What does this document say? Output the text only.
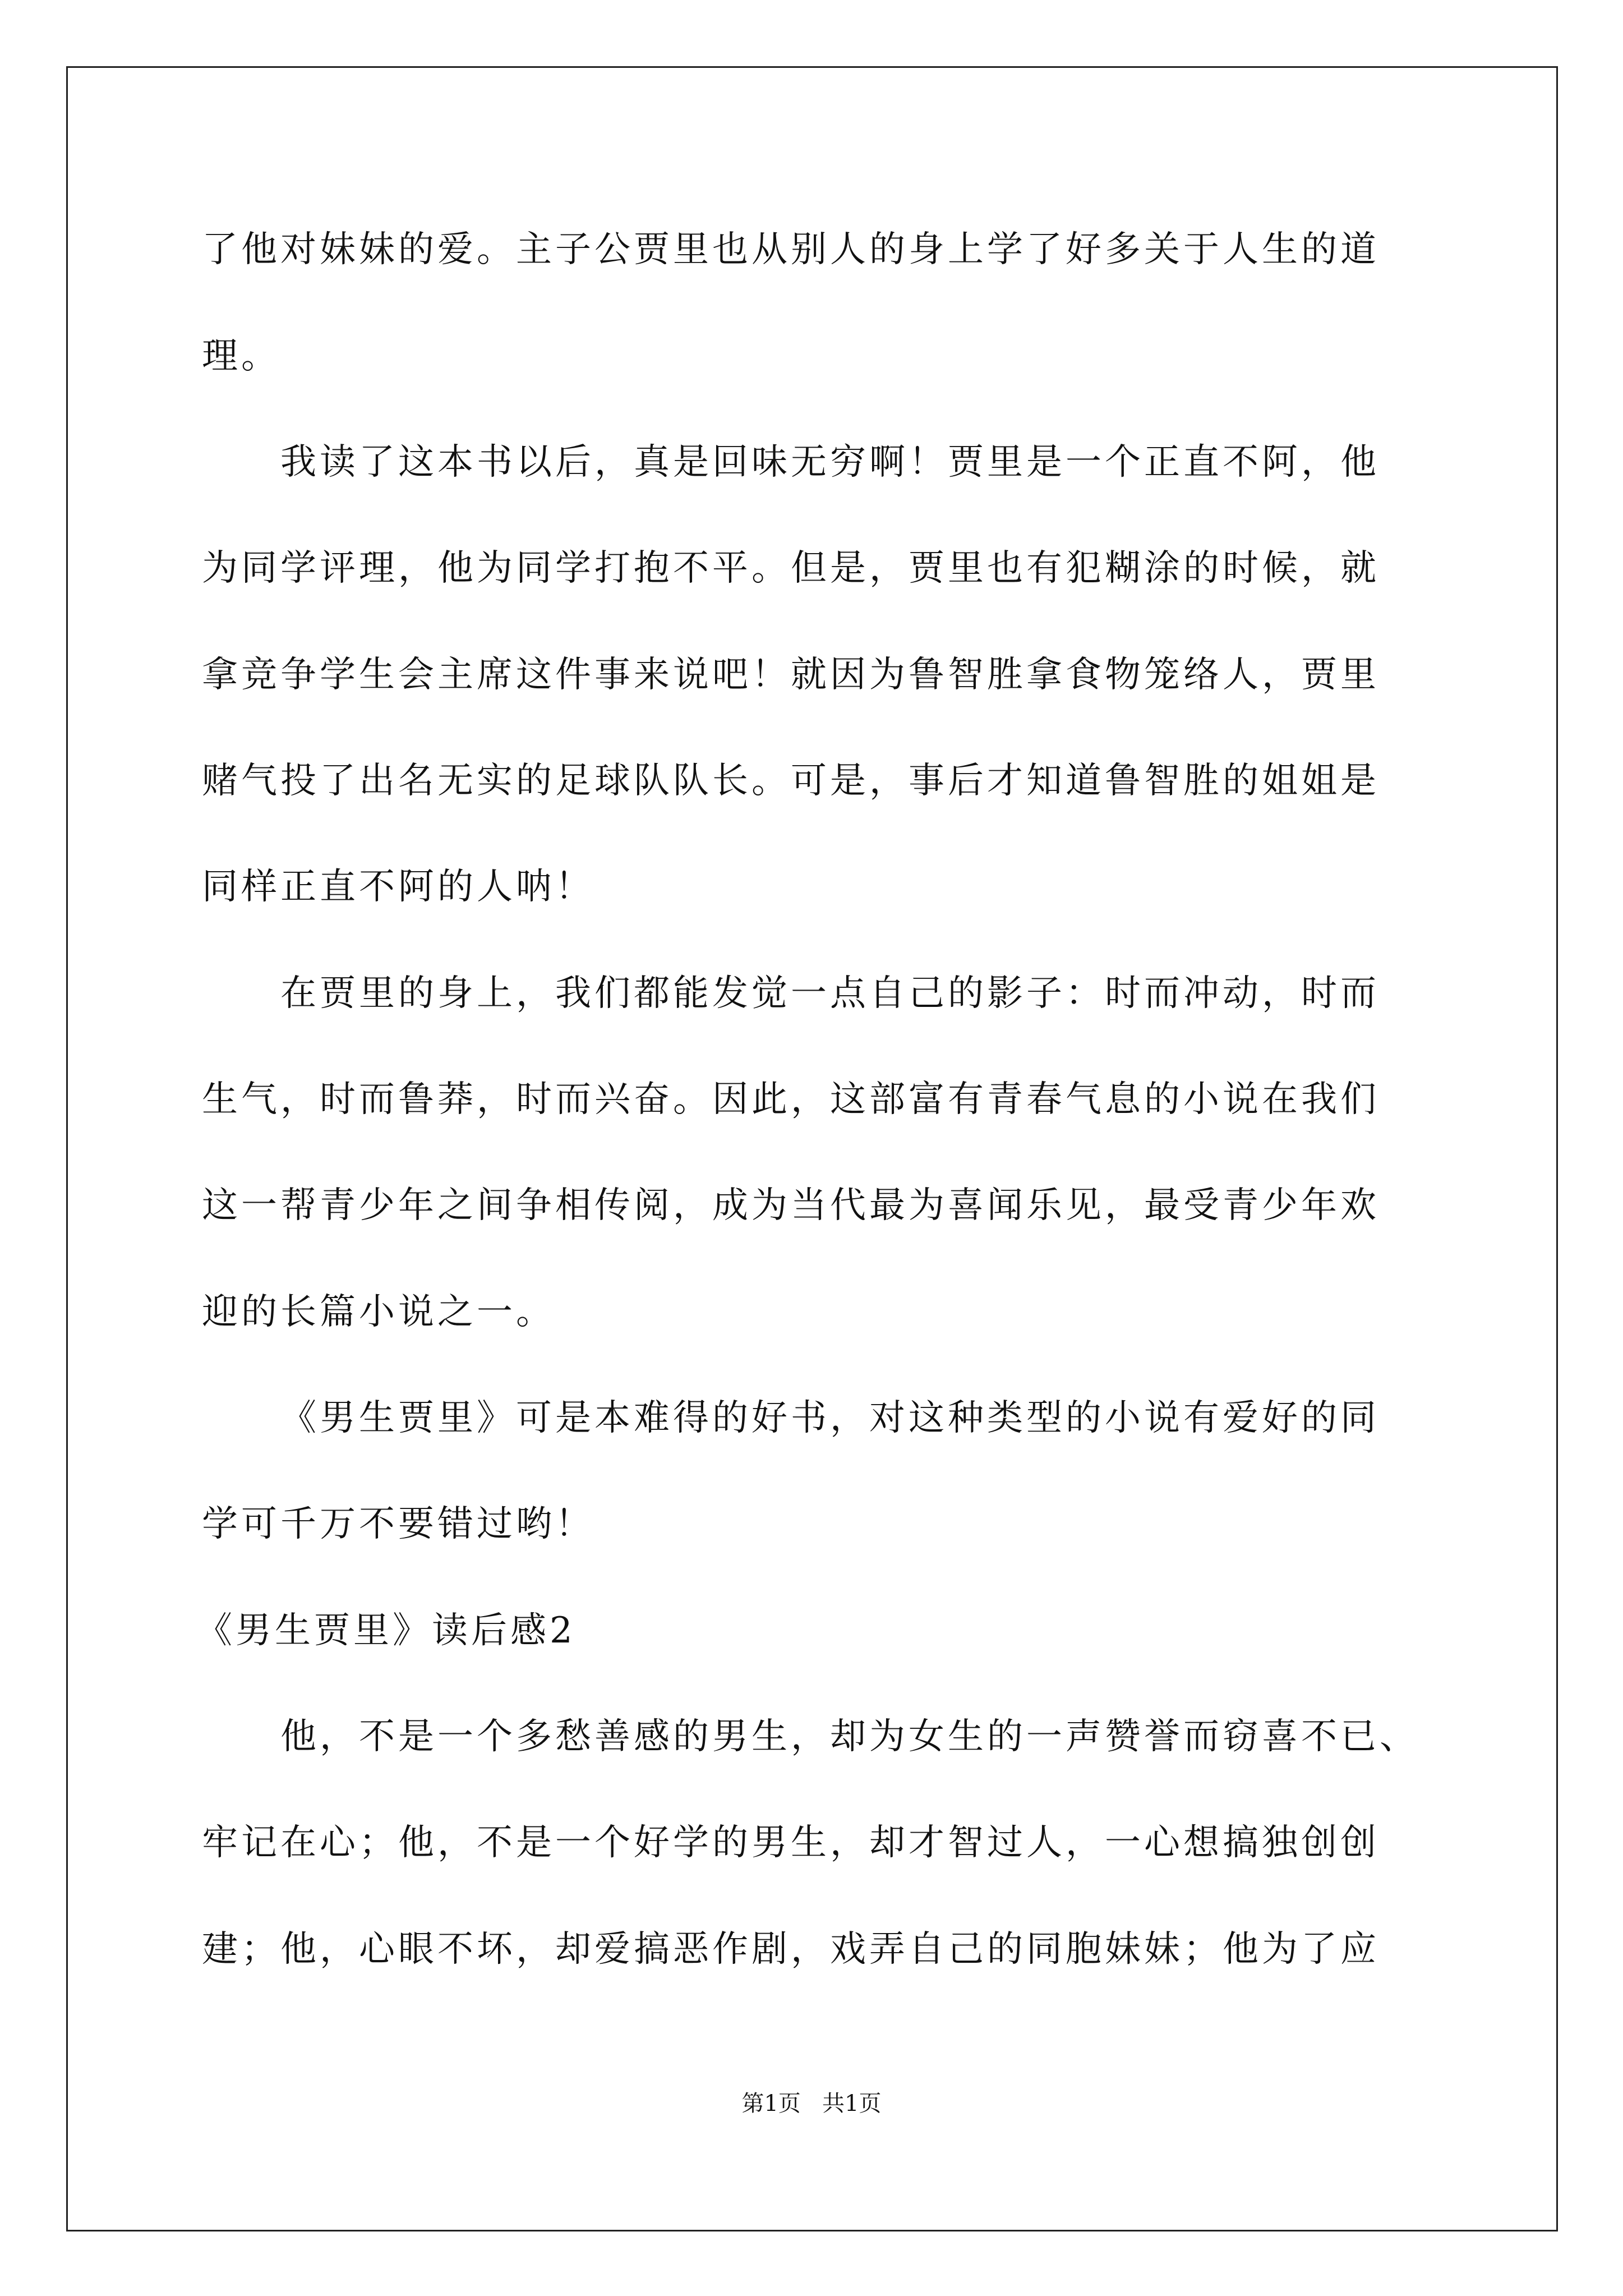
了他对妹妹的爱。主子公贾里也从别人的身上学了好多关于人生的道
理。
我读了这本书以后，真是回味无穷啊！贾里是一个正直不阿，他
为同学评理，他为同学打抱不平。但是，贾里也有犯糊涂的时候，就
拿竞争学生会主席这件事来说吧！就因为鲁智胜拿食物笼络人，贾里
赌气投了出名无实的足球队队长。可是，事后才知道鲁智胜的姐姐是
同样正直不阿的人呐！
在贾里的身上，我们都能发觉一点自己的影子：时而冲动，时而
生气，时而鲁莽，时而兴奋。因此，这部富有青春气息的小说在我们
这一帮青少年之间争相传阅，成为当代最为喜闻乐见，最受青少年欢
迎的长篇小说之一。
《男生贾里》可是本难得的好书，对这种类型的小说有爱好的同
学可千万不要错过哟！
《男生贾里》读后感2
他，不是一个多愁善感的男生，却为女生的一声赞誉而窃喜不已、
牢记在心；他，不是一个好学的男生，却才智过人，一心想搞独创创
建；他，心眼不坏，却爱搞恶作剧，戏弄自己的同胞妹妹；他为了应
第1页   共1页
